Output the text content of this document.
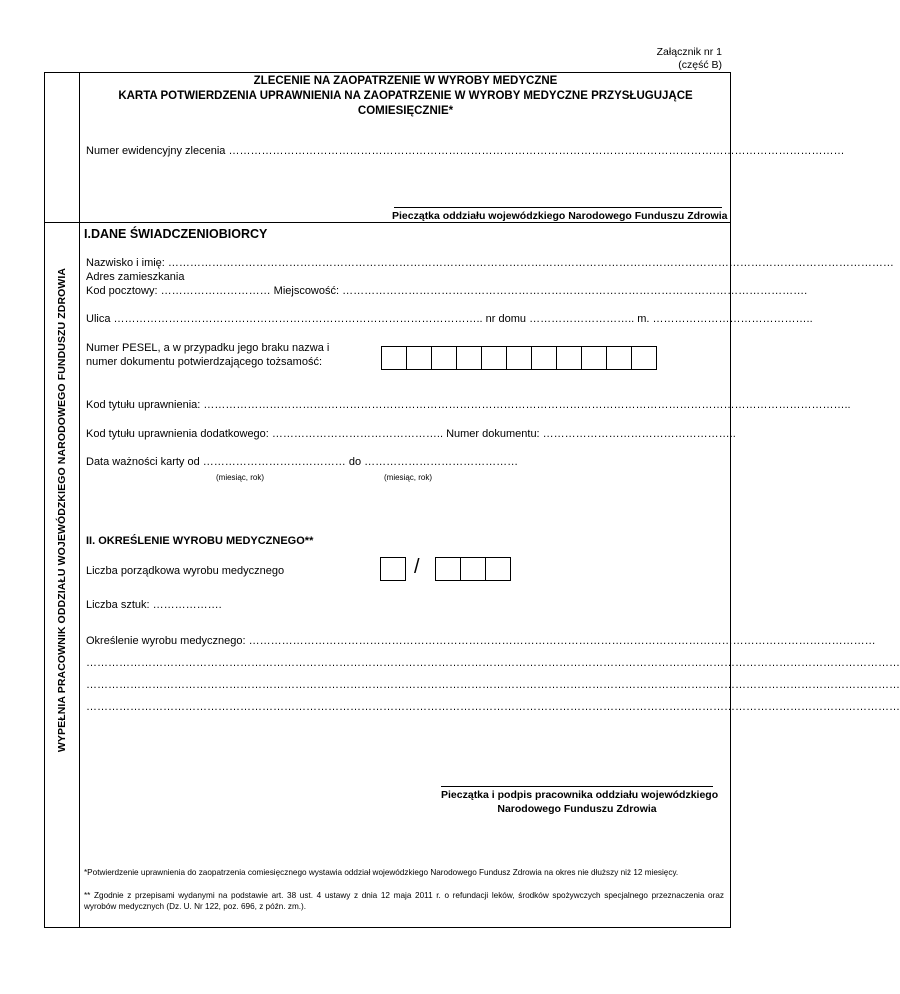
Załącznik nr 1
(część B)
WYPEŁNIA PRACOWNIK ODDZIAŁU WOJEWÓDZKIEGO NARODOWEGO FUNDUSZU ZDROWIA
ZLECENIE NA ZAOPATRZENIE W WYROBY MEDYCZNE
KARTA POTWIERDZENIA UPRAWNIENIA NA ZAOPATRZENIE W WYROBY MEDYCZNE PRZYSŁUGUJĄCE
COMIESIĘCZNIE*
Numer ewidencyjny zlecenia ……………………………………………………………………………………………………………………………………………………
Pieczątka oddziału wojewódzkiego Narodowego Funduszu Zdrowia
I.DANE ŚWIADCZENIOBIORCY
Nazwisko i imię: ………………………………………………………………………………………………………………………………………………………………………………
Adres zamieszkania
Kod pocztowy: ………………………… Miejscowość: ……………………………………………………………………………………………………………….
Ulica ……………………………………………………………………………………….. nr domu ……………………….. m. ……………………………………..
Numer PESEL, a w przypadku jego braku nazwa i
numer dokumentu potwierdzającego tożsamość:
Kod tytułu uprawnienia: …………………………….……………………………………………………………………………………………………………………………..
Kod tytułu uprawnienia dodatkowego: ……………………………………….. Numer dokumentu: ……………………………………………..
Data ważności karty od ………………………………… do ……………………………………
(miesiąc, rok)	(miesiąc, rok)
II. OKREŚLENIE WYROBU MEDYCZNEGO**
Liczba porządkowa wyrobu medycznego	/
Liczba sztuk: ……………….
Określenie wyrobu medycznego: ………………………………………………………………………………………………………………………………………………………
……………………………………………………………………………………………………………………………………………………………………………………………………
……………………………………………………………………………………………………………………………………………………………………………………………………
……………………………………………………………………………………………………………………………………………………………………………………………………
Pieczątka i podpis pracownika oddziału wojewódzkiego
Narodowego Funduszu Zdrowia
*Potwierdzenie uprawnienia do zaopatrzenia comiesięcznego wystawia oddział wojewódzkiego Narodowego Fundusz Zdrowia na okres nie dłuższy niż 12 miesięcy.
** Zgodnie z przepisami wydanymi na podstawie art. 38 ust. 4 ustawy z dnia 12 maja 2011 r. o refundacji leków, środków spożywczych specjalnego przeznaczenia oraz wyrobów medycznych (Dz. U. Nr 122, poz. 696, z późn. zm.).
